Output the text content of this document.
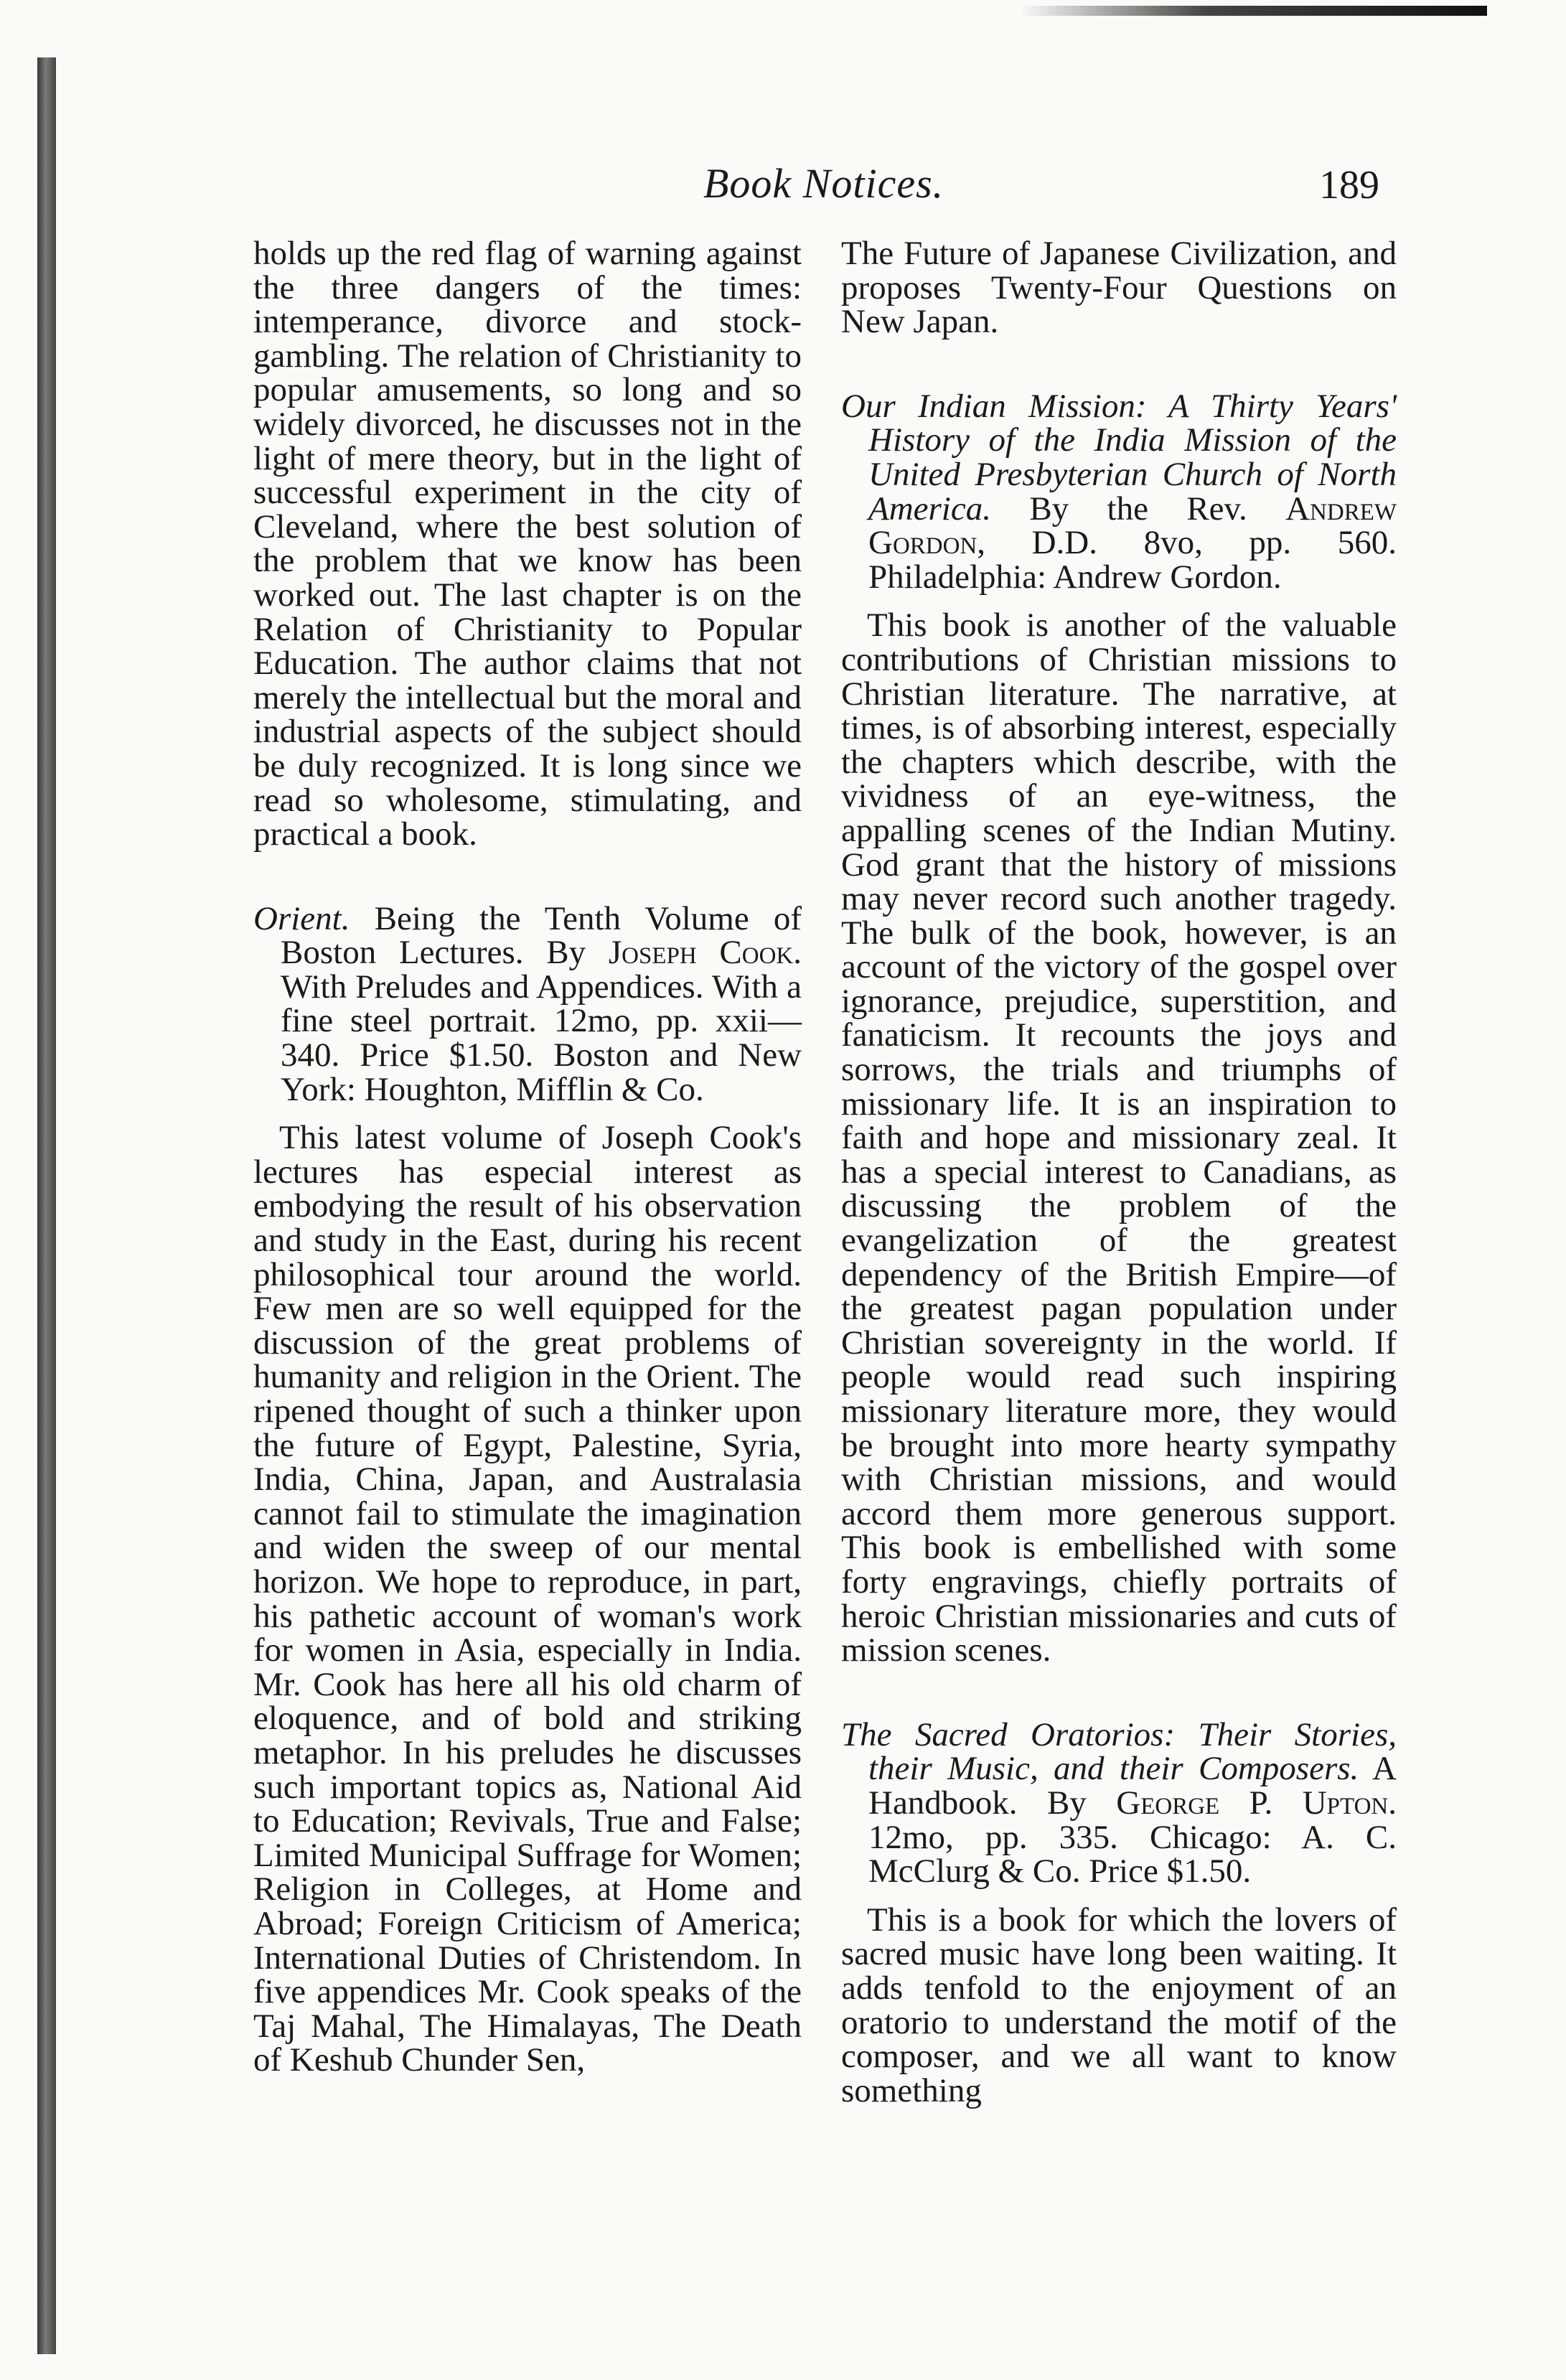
Book Notices.	189

holds up the red flag of warning against the three dangers of the times: intemperance, divorce and stock-gambling. The relation of Christianity to popular amusements, so long and so widely divorced, he discusses not in the light of mere theory, but in the light of successful experiment in the city of Cleveland, where the best solution of the problem that we know has been worked out. The last chapter is on the Relation of Christianity to Popular Education. The author claims that not merely the intellectual but the moral and industrial aspects of the subject should be duly recognized. It is long since we read so wholesome, stimulating, and practical a book.

Orient. Being the Tenth Volume of Boston Lectures. By Joseph Cook. With Preludes and Appendices. With a fine steel portrait. 12mo, pp. xxii—340. Price $1.50. Boston and New York: Houghton, Mifflin & Co.

This latest volume of Joseph Cook's lectures has especial interest as embodying the result of his observation and study in the East, during his recent philosophical tour around the world. Few men are so well equipped for the discussion of the great problems of humanity and religion in the Orient. The ripened thought of such a thinker upon the future of Egypt, Palestine, Syria, India, China, Japan, and Australasia cannot fail to stimulate the imagination and widen the sweep of our mental horizon. We hope to reproduce, in part, his pathetic account of woman's work for women in Asia, especially in India. Mr. Cook has here all his old charm of eloquence, and of bold and striking metaphor. In his preludes he discusses such important topics as, National Aid to Education; Revivals, True and False; Limited Municipal Suffrage for Women; Religion in Colleges, at Home and Abroad; Foreign Criticism of America; International Duties of Christendom. In five appendices Mr. Cook speaks of the Taj Mahal, The Himalayas, The Death of Keshub Chunder Sen,

The Future of Japanese Civilization, and proposes Twenty-Four Questions on New Japan.

Our Indian Mission: A Thirty Years' History of the India Mission of the United Presbyterian Church of North America. By the Rev. Andrew Gordon, D.D. 8vo, pp. 560. Philadelphia: Andrew Gordon.

This book is another of the valuable contributions of Christian missions to Christian literature. The narrative, at times, is of absorbing interest, especially the chapters which describe, with the vividness of an eye-witness, the appalling scenes of the Indian Mutiny. God grant that the history of missions may never record such another tragedy. The bulk of the book, however, is an account of the victory of the gospel over ignorance, prejudice, superstition, and fanaticism. It recounts the joys and sorrows, the trials and triumphs of missionary life. It is an inspiration to faith and hope and missionary zeal. It has a special interest to Canadians, as discussing the problem of the evangelization of the greatest dependency of the British Empire—of the greatest pagan population under Christian sovereignty in the world. If people would read such inspiring missionary literature more, they would be brought into more hearty sympathy with Christian missions, and would accord them more generous support. This book is embellished with some forty engravings, chiefly portraits of heroic Christian missionaries and cuts of mission scenes.

The Sacred Oratorios: Their Stories, their Music, and their Composers. A Handbook. By George P. Upton. 12mo, pp. 335. Chicago: A. C. McClurg & Co. Price $1.50.

This is a book for which the lovers of sacred music have long been waiting. It adds tenfold to the enjoyment of an oratorio to understand the motif of the composer, and we all want to know something
